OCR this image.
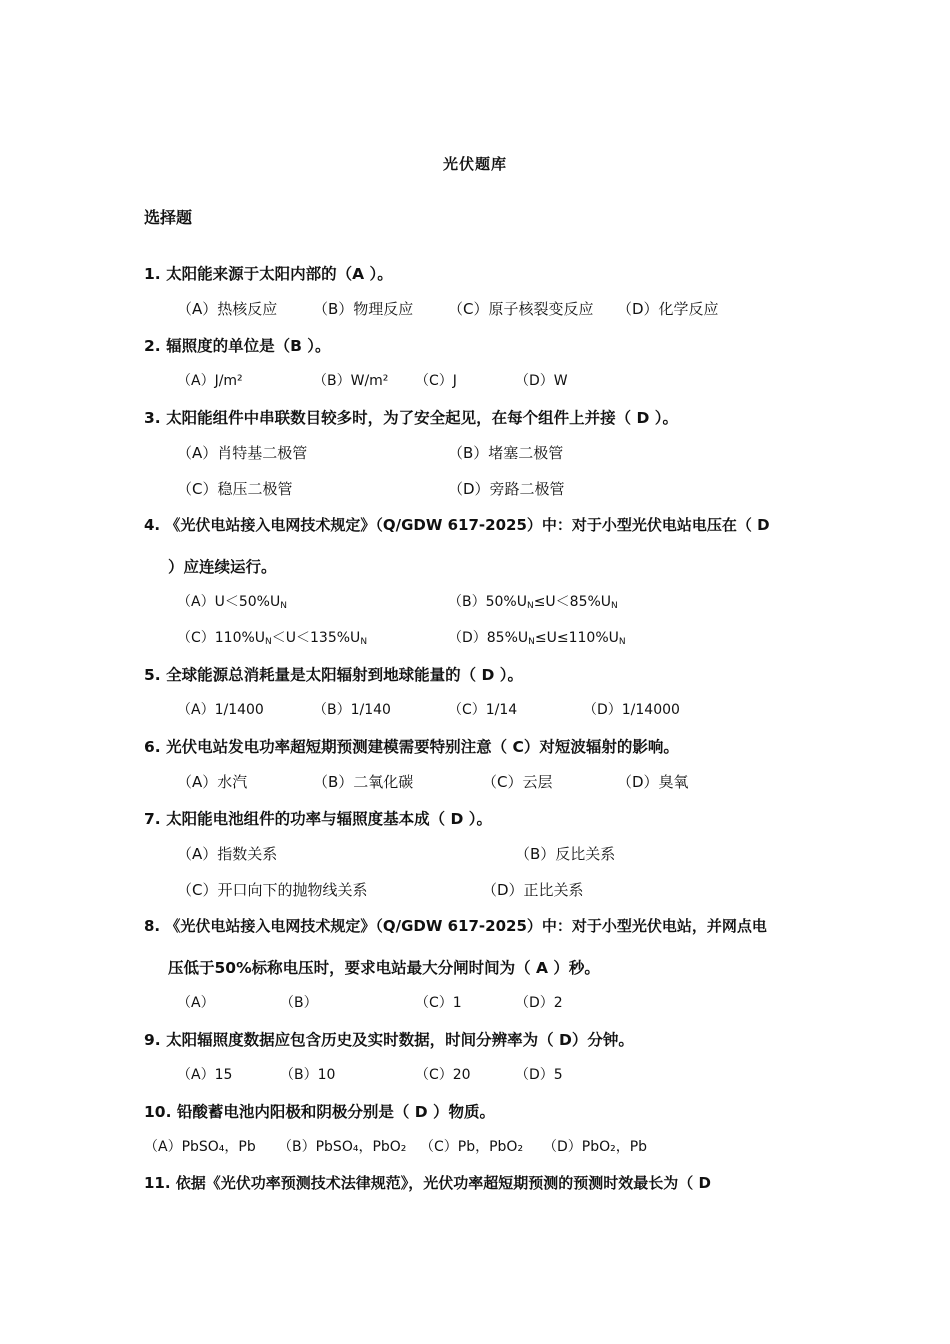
光伏题库
选择题
1. 太阳能来源于太阳内部的（A ）。
（A）热核反应 （B）物理反应 （C）原子核裂变反应 （D）化学反应
2. 辐照度的单位是（B ）。
（A）J/m²	（B）W/m² （C）J	（D）W
3. 太阳能组件中串联数目较多时，为了安全起见，在每个组件上并接（ D ）。
（A）肖特基二极管	（B）堵塞二极管
（C）稳压二极管	（D）旁路二极管
4. 《光伏电站接入电网技术规定》（Q/GDW 617-2025）中：对于小型光伏电站电压在（ D
）应连续运行。
$(A)U<50\%U_N$	$(B)50\%U_N\le U<85\%U_N$
$(C)110\%U_N<U<135\%U_N$	$(D)85\%U_N\le U\le 110\%U_N$
5. 全球能源总消耗量是太阳辐射到地球能量的（ D ）。
（A）1/1400	（B）1/140	（C）1/14	（D）1/14000
6. 光伏电站发电功率超短期预测建模需要特别注意（ C）对短波辐射的影响。
（A）水汽	（B）二氧化碳	（C）云层	（D）臭氧
7. 太阳能电池组件的功率与辐照度基本成（ D ）。
（A）指数关系	（B）反比关系
（C）开口向下的抛物线关系	（D）正比关系
8. 《光伏电站接入电网技术规定》（Q/GDW 617-2025）中：对于小型光伏电站，并网点电
压低于50%标称电压时，要求电站最大分闸时间为（ A ）秒。
（A）	（B）	（C）1	（D）2
9. 太阳辐照度数据应包含历史及实时数据，时间分辨率为（ D）分钟。
（A）15	（B）10	（C）20	（D）5
10. 铅酸蓄电池内阳极和阴极分别是（ D ）物质。
（A）PbSO₄，Pb （B）PbSO₄，PbO₂ （C）Pb，PbO₂ （D）PbO₂，Pb
11. 依据《光伏功率预测技术法律规范》，光伏功率超短期预测的预测时效最长为（ D
